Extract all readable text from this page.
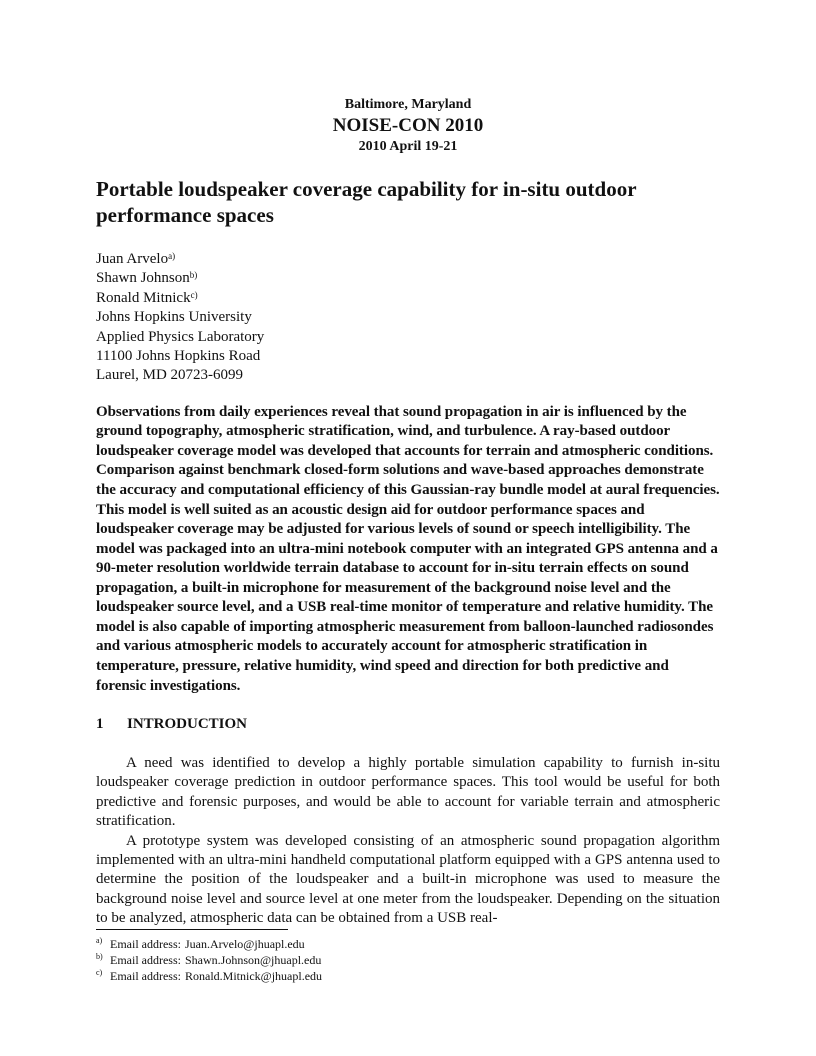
Baltimore, Maryland
NOISE-CON 2010
2010 April 19-21
Portable loudspeaker coverage capability for in-situ outdoor performance spaces
Juan Arvelo$^{a)}$
Shawn Johnson$^{b)}$
Ronald Mitnick$^{c)}$
Johns Hopkins University
Applied Physics Laboratory
11100 Johns Hopkins Road
Laurel, MD 20723-6099
Observations from daily experiences reveal that sound propagation in air is influenced by the ground topography, atmospheric stratification, wind, and turbulence. A ray-based outdoor loudspeaker coverage model was developed that accounts for terrain and atmospheric conditions. Comparison against benchmark closed-form solutions and wave-based approaches demonstrate the accuracy and computational efficiency of this Gaussian-ray bundle model at aural frequencies. This model is well suited as an acoustic design aid for outdoor performance spaces and loudspeaker coverage may be adjusted for various levels of sound or speech intelligibility. The model was packaged into an ultra-mini notebook computer with an integrated GPS antenna and a 90-meter resolution worldwide terrain database to account for in-situ terrain effects on sound propagation, a built-in microphone for measurement of the background noise level and the loudspeaker source level, and a USB real-time monitor of temperature and relative humidity. The model is also capable of importing atmospheric measurement from balloon-launched radiosondes and various atmospheric models to accurately account for atmospheric stratification in temperature, pressure, relative humidity, wind speed and direction for both predictive and forensic investigations.
1 INTRODUCTION

A need was identified to develop a highly portable simulation capability to furnish in-situ loudspeaker coverage prediction in outdoor performance spaces. This tool would be useful for both predictive and forensic purposes, and would be able to account for variable terrain and atmospheric stratification.

A prototype system was developed consisting of an atmospheric sound propagation algorithm implemented with an ultra-mini handheld computational platform equipped with a GPS antenna used to determine the position of the loudspeaker and a built-in microphone was used to measure the background noise level and source level at one meter from the loudspeaker. Depending on the situation to be analyzed, atmospheric data can be obtained from a USB real-

a) Email address: Juan.Arvelo@jhuapl.edu
b) Email address: Shawn.Johnson@jhuapl.edu
c) Email address: Ronald.Mitnick@jhuapl.edu
